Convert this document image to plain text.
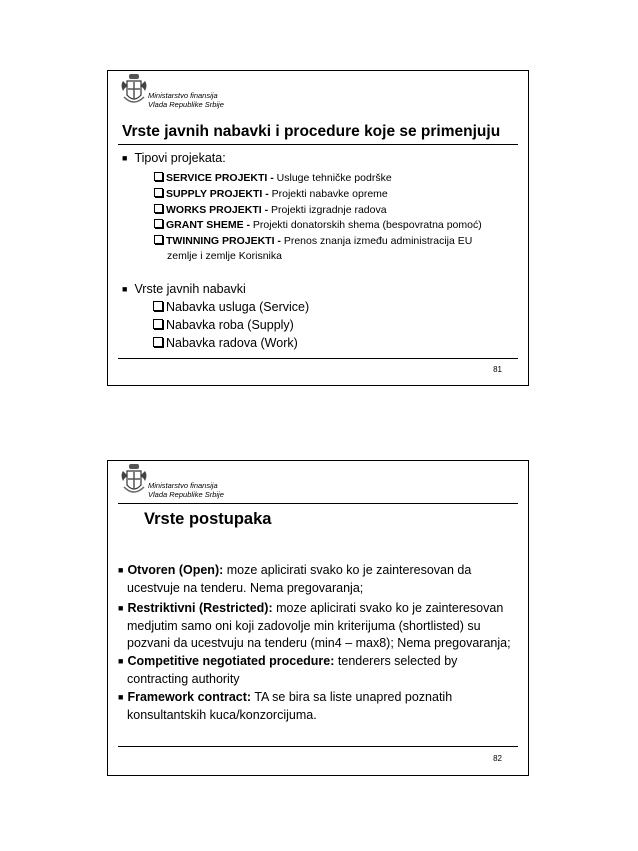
Ministarstvo finansija
Vlada Republike Srbije
Vrste javnih nabavki i procedure koje se primenjuju
■ Tipovi projekata:
SERVICE PROJEKTI - Usluge tehničke podrške
SUPPLY PROJEKTI - Projekti nabavke opreme
WORKS PROJEKTI - Projekti izgradnje radova
GRANT SHEME - Projekti donatorskih shema (bespovratna pomoć)
TWINNING PROJEKTI - Prenos znanja između administracija EU
zemlje i zemlje Korisnika
■ Vrste javnih nabavki
Nabavka usluga (Service)
Nabavka roba (Supply)
Nabavka radova (Work)
81
Ministarstvo finansija
Vlada Republike Srbije
Vrste postupaka
■ Otvoren (Open): moze aplicirati svako ko je zainteresovan da
ucestvuje na tenderu. Nema pregovaranja;
■ Restriktivni (Restricted): moze aplicirati svako ko je zainteresovan
medjutim samo oni koji zadovolje min kriterijuma (shortlisted) su
pozvani da ucestvuju na tenderu (min4 – max8); Nema pregovaranja;
■ Competitive negotiated procedure: tenderers selected by
contracting authority
■ Framework contract: TA se bira sa liste unapred poznatih
konsultantskih kuca/konzorcijuma.
82
